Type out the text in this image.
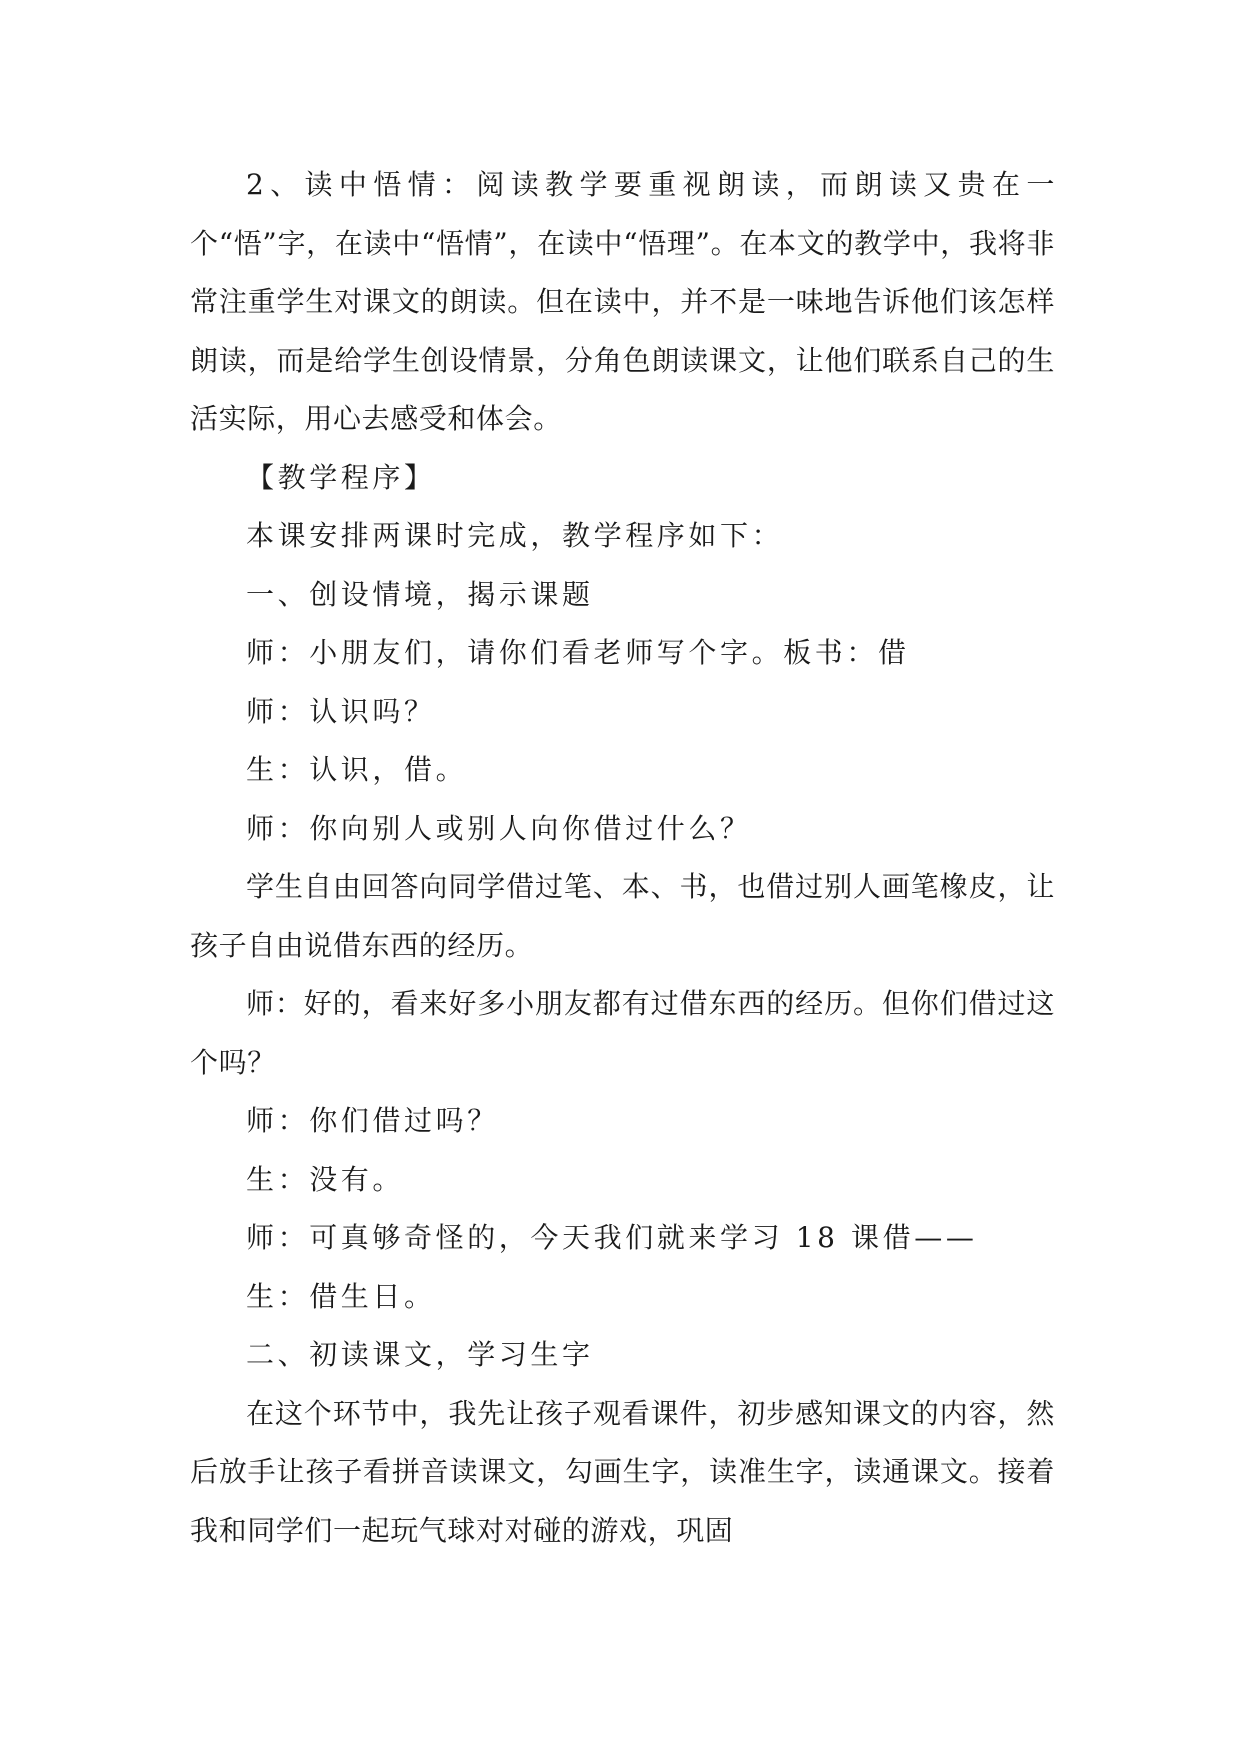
2、读中悟情：阅读教学要重视朗读，而朗读又贵在一个“悟”字，在读中“悟情”，在读中“悟理”。在本文的教学中，我将非常注重学生对课文的朗读。但在读中，并不是一味地告诉他们该怎样朗读，而是给学生创设情景，分角色朗读课文，让他们联系自己的生活实际，用心去感受和体会。

【教学程序】

本课安排两课时完成，教学程序如下：

一、创设情境，揭示课题

师：小朋友们，请你们看老师写个字。板书：借

师：认识吗？

生：认识，借。

师：你向别人或别人向你借过什么？

学生自由回答向同学借过笔、本、书，也借过别人画笔橡皮，让孩子自由说借东西的经历。

师：好的，看来好多小朋友都有过借东西的经历。但你们借过这个吗？

师：你们借过吗？

生：没有。

师：可真够奇怪的，今天我们就来学习 18 课借——

生：借生日。

二、初读课文，学习生字

在这个环节中，我先让孩子观看课件，初步感知课文的内容，然后放手让孩子看拼音读课文，勾画生字，读准生字，读通课文。接着我和同学们一起玩气球对对碰的游戏，巩固
